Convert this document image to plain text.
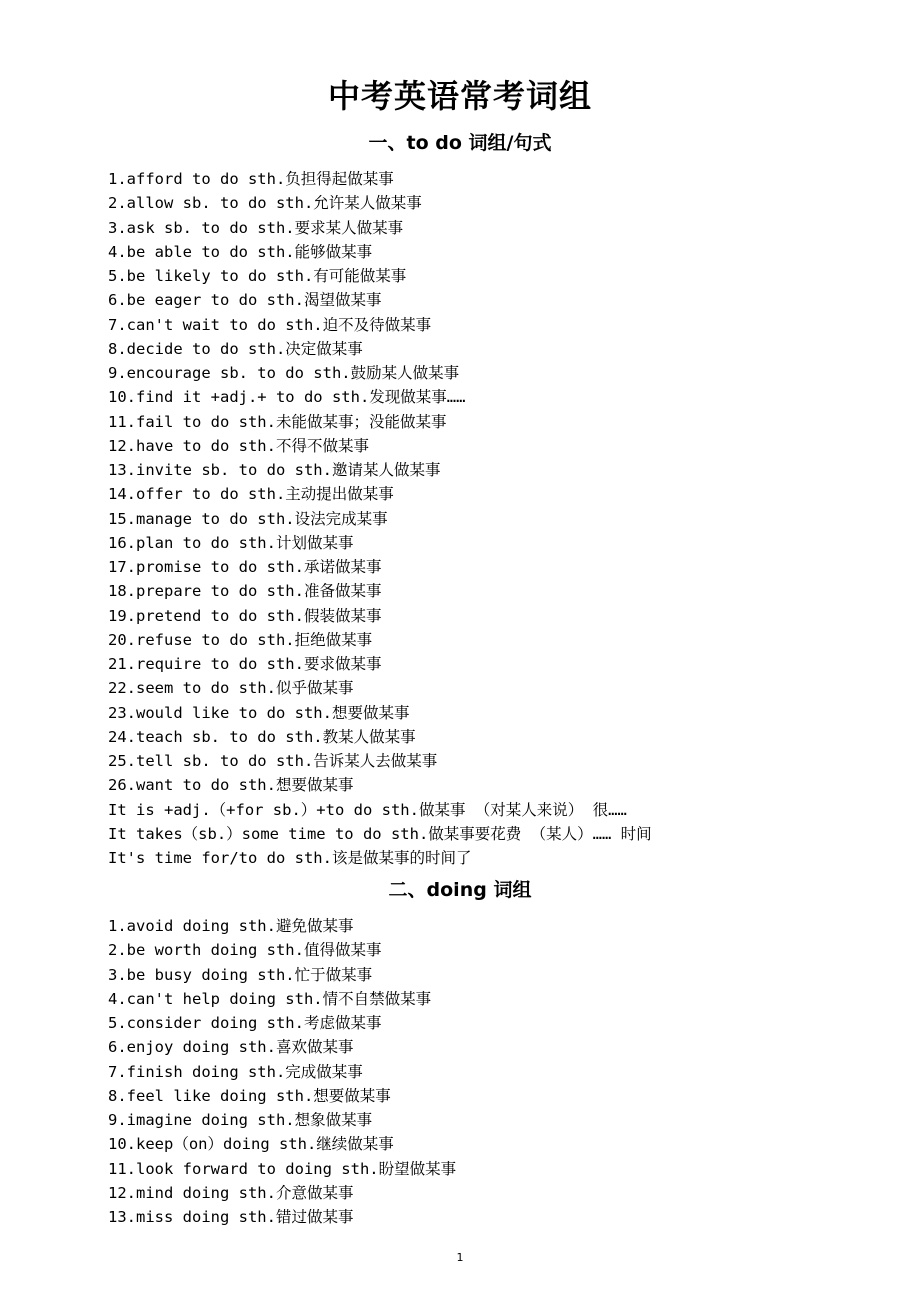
中考英语常考词组
一、to do 词组/句式
1.afford to do sth.负担得起做某事
2.allow sb. to do sth.允许某人做某事
3.ask sb. to do sth.要求某人做某事
4.be able to do sth.能够做某事
5.be likely to do sth.有可能做某事
6.be eager to do sth.渴望做某事
7.can't wait to do sth.迫不及待做某事
8.decide to do sth.决定做某事
9.encourage sb. to do sth.鼓励某人做某事
10.find it +adj.+ to do sth.发现做某事……
11.fail to do sth.未能做某事；没能做某事
12.have to do sth.不得不做某事
13.invite sb. to do sth.邀请某人做某事
14.offer to do sth.主动提出做某事
15.manage to do sth.设法完成某事
16.plan to do sth.计划做某事
17.promise to do sth.承诺做某事
18.prepare to do sth.准备做某事
19.pretend to do sth.假装做某事
20.refuse to do sth.拒绝做某事
21.require to do sth.要求做某事
22.seem to do sth.似乎做某事
23.would like to do sth.想要做某事
24.teach sb. to do sth.教某人做某事
25.tell sb. to do sth.告诉某人去做某事
26.want to do sth.想要做某事
It is +adj.（+for sb.）+to do sth.做某事 （对某人来说） 很……
It takes（sb.）some time to do sth.做某事要花费 （某人）…… 时间
It's time for/to do sth.该是做某事的时间了
二、doing 词组
1.avoid doing sth.避免做某事
2.be worth doing sth.值得做某事
3.be busy doing sth.忙于做某事
4.can't help doing sth.情不自禁做某事
5.consider doing sth.考虑做某事
6.enjoy doing sth.喜欢做某事
7.finish doing sth.完成做某事
8.feel like doing sth.想要做某事
9.imagine doing sth.想象做某事
10.keep（on）doing sth.继续做某事
11.look forward to doing sth.盼望做某事
12.mind doing sth.介意做某事
13.miss doing sth.错过做某事
1
